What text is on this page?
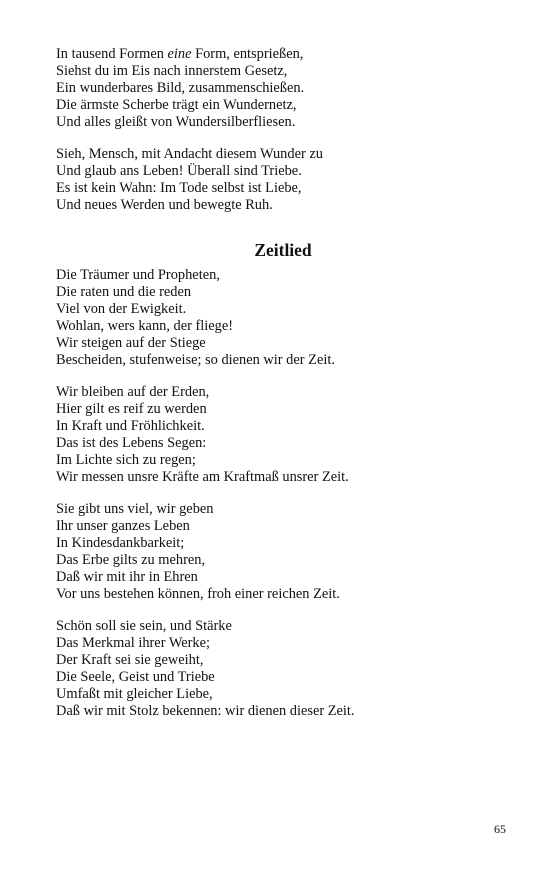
In tausend Formen eine Form, entsprießen,
Siehst du im Eis nach innerstem Gesetz,
Ein wunderbares Bild, zusammenschießen.
Die ärmste Scherbe trägt ein Wundernetz,
Und alles gleißt von Wundersilberfliesen.
Sieh, Mensch, mit Andacht diesem Wunder zu
Und glaub ans Leben! Überall sind Triebe.
Es ist kein Wahn: Im Tode selbst ist Liebe,
Und neues Werden und bewegte Ruh.
Zeitlied
Die Träumer und Propheten,
Die raten und die reden
Viel von der Ewigkeit.
Wohlan, wers kann, der fliege!
Wir steigen auf der Stiege
Bescheiden, stufenweise; so dienen wir der Zeit.
Wir bleiben auf der Erden,
Hier gilt es reif zu werden
In Kraft und Fröhlichkeit.
Das ist des Lebens Segen:
Im Lichte sich zu regen;
Wir messen unsre Kräfte am Kraftmaß unsrer Zeit.
Sie gibt uns viel, wir geben
Ihr unser ganzes Leben
In Kindesdankbarkeit;
Das Erbe gilts zu mehren,
Daß wir mit ihr in Ehren
Vor uns bestehen können, froh einer reichen Zeit.
Schön soll sie sein, und Stärke
Das Merkmal ihrer Werke;
Der Kraft sei sie geweiht,
Die Seele, Geist und Triebe
Umfaßt mit gleicher Liebe,
Daß wir mit Stolz bekennen: wir dienen dieser Zeit.
65
